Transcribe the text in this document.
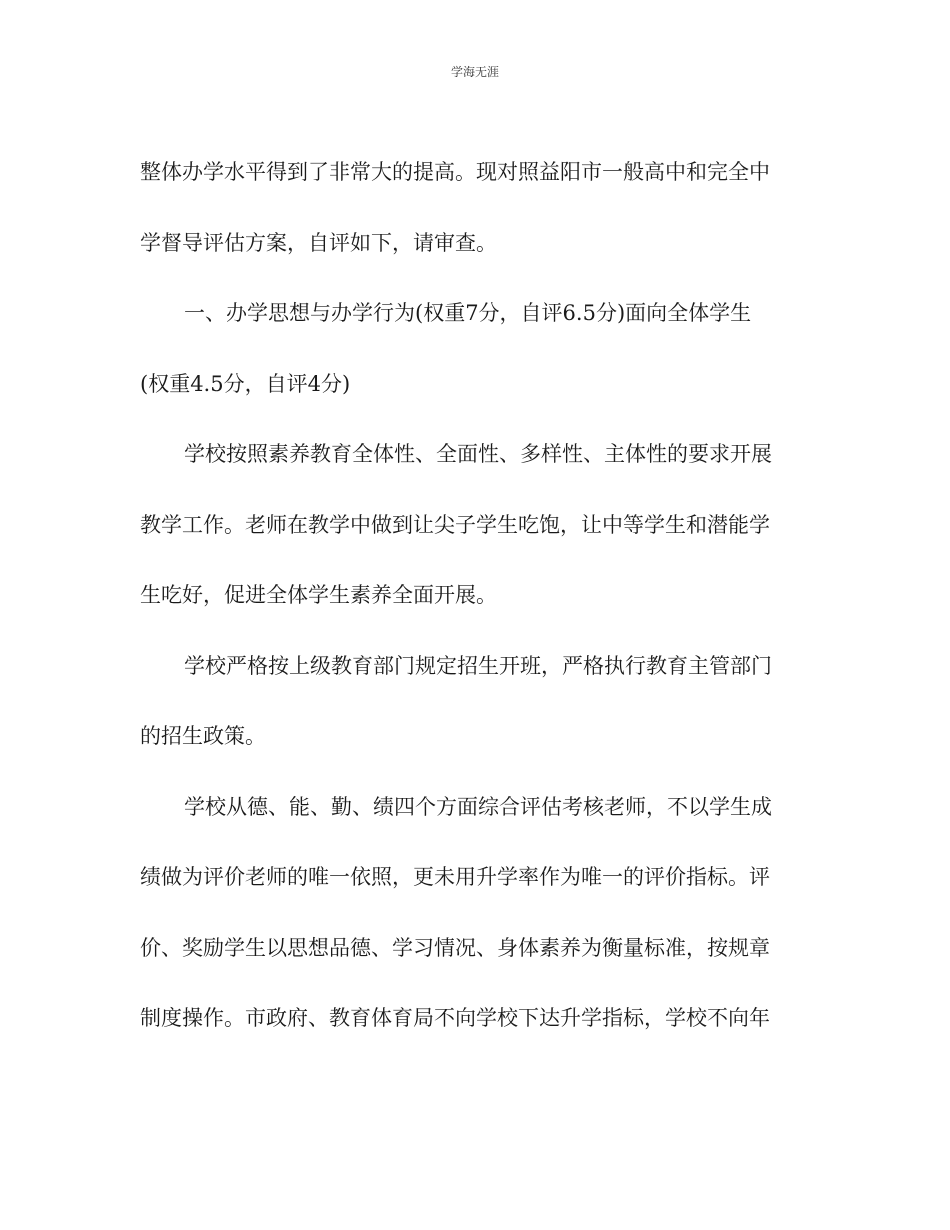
学海无涯
整体办学水平得到了非常大的提高。现对照益阳市一般高中和完全中
学督导评估方案，自评如下，请审查。
一、办学思想与办学行为(权重7分，自评6.5分)面向全体学生
(权重4.5分，自评4分)
学校按照素养教育全体性、全面性、多样性、主体性的要求开展
教学工作。老师在教学中做到让尖子学生吃饱，让中等学生和潜能学
生吃好，促进全体学生素养全面开展。
学校严格按上级教育部门规定招生开班，严格执行教育主管部门
的招生政策。
学校从德、能、勤、绩四个方面综合评估考核老师，不以学生成
绩做为评价老师的唯一依照，更未用升学率作为唯一的评价指标。评
价、奖励学生以思想品德、学习情况、身体素养为衡量标准，按规章
制度操作。市政府、教育体育局不向学校下达升学指标，学校不向年
